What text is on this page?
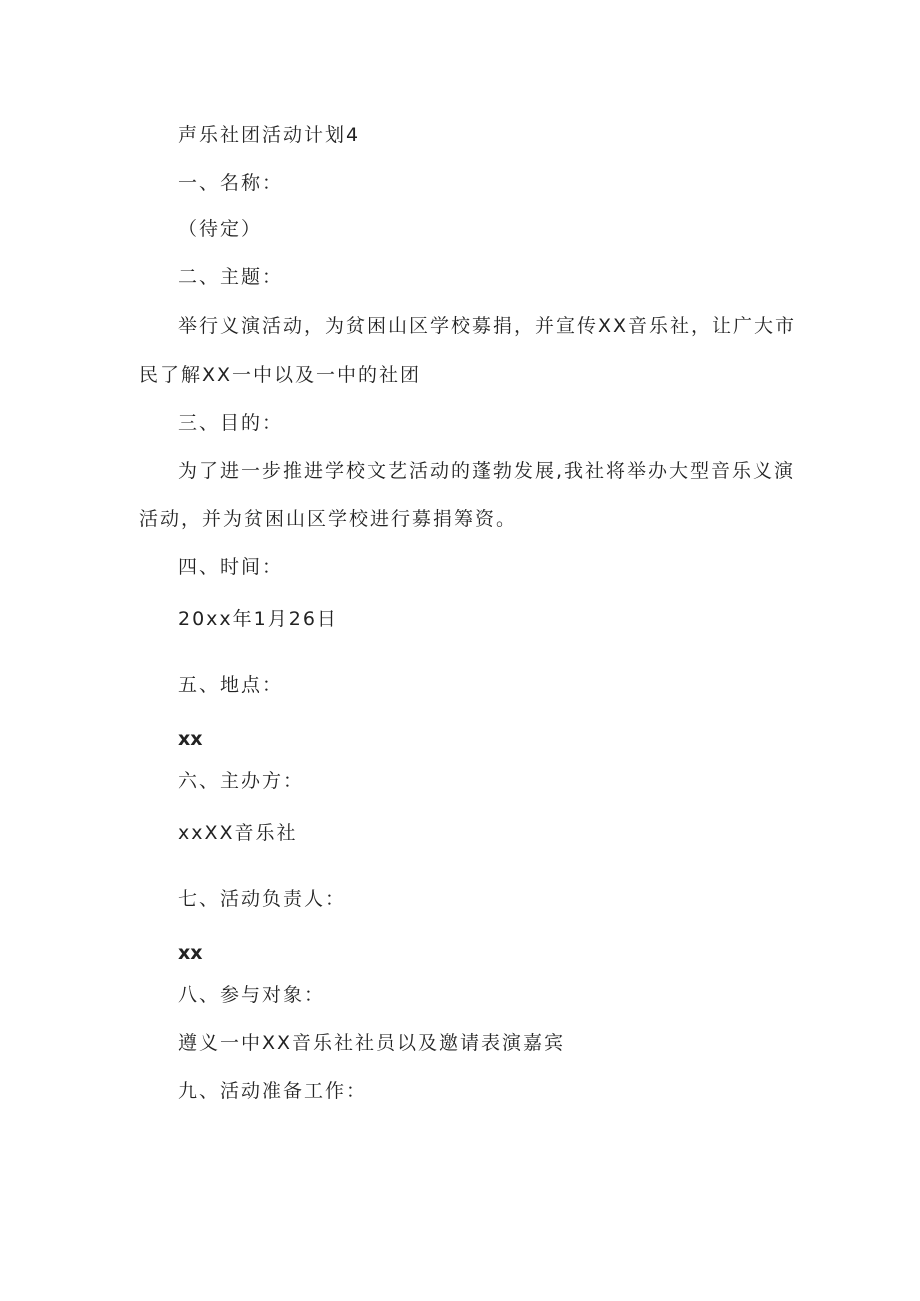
声乐社团活动计划4
一、名称：
（待定）
二、主题：
举行义演活动，为贫困山区学校募捐，并宣传XX音乐社，让广大市
民了解XX一中以及一中的社团
三、目的：
为了进一步推进学校文艺活动的蓬勃发展,我社将举办大型音乐义演
活动，并为贫困山区学校进行募捐筹资。
四、时间：
20xx年1月26日
五、地点：
xx
六、主办方：
xxXX音乐社
七、活动负责人：
xx
八、参与对象：
遵义一中XX音乐社社员以及邀请表演嘉宾
九、活动准备工作：
